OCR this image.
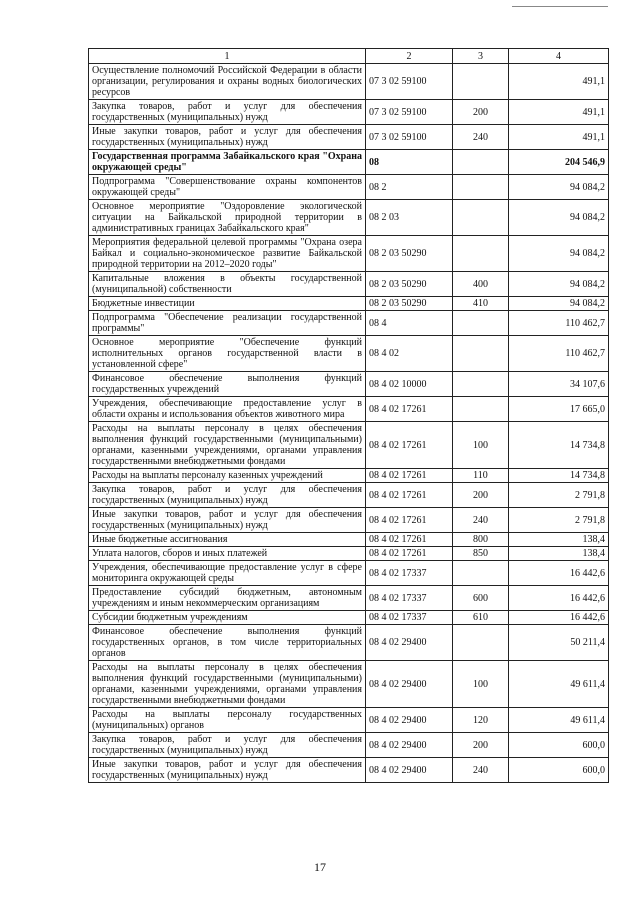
1	2	3	4
Осуществление полномочий Российской Федерации в области организации, регулирования и охраны водных биологических ресурсов	07 3 02 59100		491,1
Закупка товаров, работ и услуг для обеспечения государственных (муниципальных) нужд	07 3 02 59100	200	491,1
Иные закупки товаров, работ и услуг для обеспечения государственных (муниципальных) нужд	07 3 02 59100	240	491,1
Государственная программа Забайкальского края "Охрана окружающей среды"	08		204 546,9
Подпрограмма "Совершенствование охраны компонентов окружающей среды"	08 2		94 084,2
Основное мероприятие "Оздоровление экологической ситуации на Байкальской природной территории в административных границах Забайкальского края"	08 2 03		94 084,2
Мероприятия федеральной целевой программы "Охрана озера Байкал и социально-экономическое развитие Байкальской природной территории на 2012–2020 годы"	08 2 03 50290		94 084,2
Капитальные вложения в объекты государственной (муниципальной) собственности	08 2 03 50290	400	94 084,2
Бюджетные инвестиции	08 2 03 50290	410	94 084,2
Подпрограмма "Обеспечение реализации государственной программы"	08 4		110 462,7
Основное мероприятие "Обеспечение функций исполнительных органов государственной власти в установленной сфере"	08 4 02		110 462,7
Финансовое обеспечение выполнения функций государственных учреждений	08 4 02 10000		34 107,6
Учреждения, обеспечивающие предоставление услуг в области охраны и использования объектов животного мира	08 4 02 17261		17 665,0
Расходы на выплаты персоналу в целях обеспечения выполнения функций государственными (муниципальными) органами, казенными учреждениями, органами управления государственными внебюджетными фондами	08 4 02 17261	100	14 734,8
Расходы на выплаты персоналу казенных учреждений	08 4 02 17261	110	14 734,8
Закупка товаров, работ и услуг для обеспечения государственных (муниципальных) нужд	08 4 02 17261	200	2 791,8
Иные закупки товаров, работ и услуг для обеспечения государственных (муниципальных) нужд	08 4 02 17261	240	2 791,8
Иные бюджетные ассигнования	08 4 02 17261	800	138,4
Уплата налогов, сборов и иных платежей	08 4 02 17261	850	138,4
Учреждения, обеспечивающие предоставление услуг в сфере мониторинга окружающей среды	08 4 02 17337		16 442,6
Предоставление субсидий бюджетным, автономным учреждениям и иным некоммерческим организациям	08 4 02 17337	600	16 442,6
Субсидии бюджетным учреждениям	08 4 02 17337	610	16 442,6
Финансовое обеспечение выполнения функций государственных органов, в том числе территориальных органов	08 4 02 29400		50 211,4
Расходы на выплаты персоналу в целях обеспечения выполнения функций государственными (муниципальными) органами, казенными учреждениями, органами управления государственными внебюджетными фондами	08 4 02 29400	100	49 611,4
Расходы на выплаты персоналу государственных (муниципальных) органов	08 4 02 29400	120	49 611,4
Закупка товаров, работ и услуг для обеспечения государственных (муниципальных) нужд	08 4 02 29400	200	600,0
Иные закупки товаров, работ и услуг для обеспечения государственных (муниципальных) нужд	08 4 02 29400	240	600,0
17
